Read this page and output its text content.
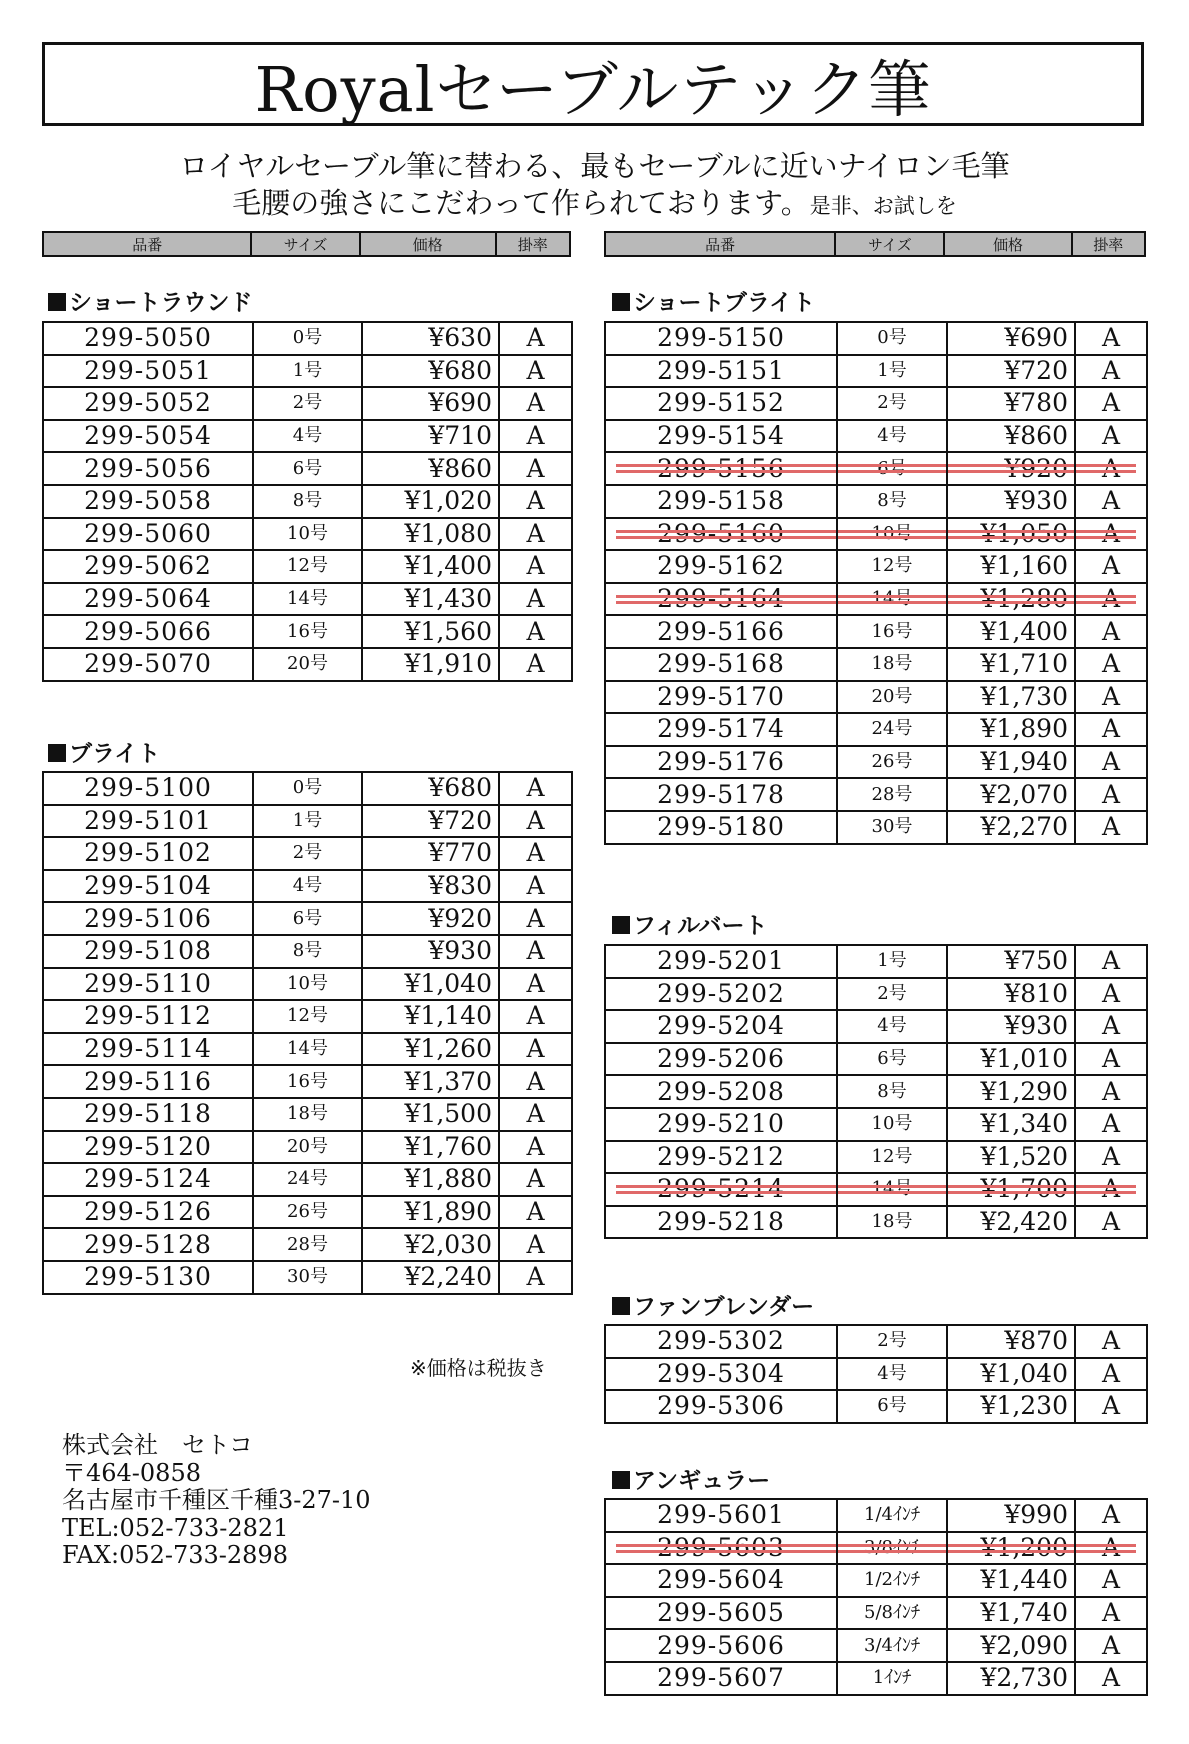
Royalセーブルテック筆
ロイヤルセーブル筆に替わる、最もセーブルに近いナイロン毛筆
毛腰の強さにこだわって作られております。是非、お試しを
品番	サイズ	価格	掛率	品番	サイズ	価格	掛率
ショートラウンド
ブライト
ショートブライト
フィルバート
ファンブレンダー
アンギュラー
299-5050	0号	¥630	A
299-5051	1号	¥680	A
299-5052	2号	¥690	A
299-5054	4号	¥710	A
299-5056	6号	¥860	A
299-5058	8号	¥1,020	A
299-5060	10号	¥1,080	A
299-5062	12号	¥1,400	A
299-5064	14号	¥1,430	A
299-5066	16号	¥1,560	A
299-5070	20号	¥1,910	A
299-5100	0号	¥680	A
299-5101	1号	¥720	A
299-5102	2号	¥770	A
299-5104	4号	¥830	A
299-5106	6号	¥920	A
299-5108	8号	¥930	A
299-5110	10号	¥1,040	A
299-5112	12号	¥1,140	A
299-5114	14号	¥1,260	A
299-5116	16号	¥1,370	A
299-5118	18号	¥1,500	A
299-5120	20号	¥1,760	A
299-5124	24号	¥1,880	A
299-5126	26号	¥1,890	A
299-5128	28号	¥2,030	A
299-5130	30号	¥2,240	A
299-5150	0号	¥690	A
299-5151	1号	¥720	A
299-5152	2号	¥780	A
299-5154	4号	¥860	A
299-5156	6号	¥920	A
299-5158	8号	¥930	A
299-5160	10号	¥1,050	A
299-5162	12号	¥1,160	A
299-5164	14号	¥1,280	A
299-5166	16号	¥1,400	A
299-5168	18号	¥1,710	A
299-5170	20号	¥1,730	A
299-5174	24号	¥1,890	A
299-5176	26号	¥1,940	A
299-5178	28号	¥2,070	A
299-5180	30号	¥2,270	A
299-5201	1号	¥750	A
299-5202	2号	¥810	A
299-5204	4号	¥930	A
299-5206	6号	¥1,010	A
299-5208	8号	¥1,290	A
299-5210	10号	¥1,340	A
299-5212	12号	¥1,520	A
299-5214	14号	¥1,700	A
299-5218	18号	¥2,420	A
299-5302	2号	¥870	A
299-5304	4号	¥1,040	A
299-5306	6号	¥1,230	A
299-5601	1/4ｲﾝﾁ	¥990	A
299-5603	3/8ｲﾝﾁ	¥1,200	A
299-5604	1/2ｲﾝﾁ	¥1,440	A
299-5605	5/8ｲﾝﾁ	¥1,740	A
299-5606	3/4ｲﾝﾁ	¥2,090	A
299-5607	1ｲﾝﾁ	¥2,730	A
※価格は税抜き
株式会社　セトコ
〒464-0858
名古屋市千種区千種3-27-10
TEL:052-733-2821
FAX:052-733-2898
